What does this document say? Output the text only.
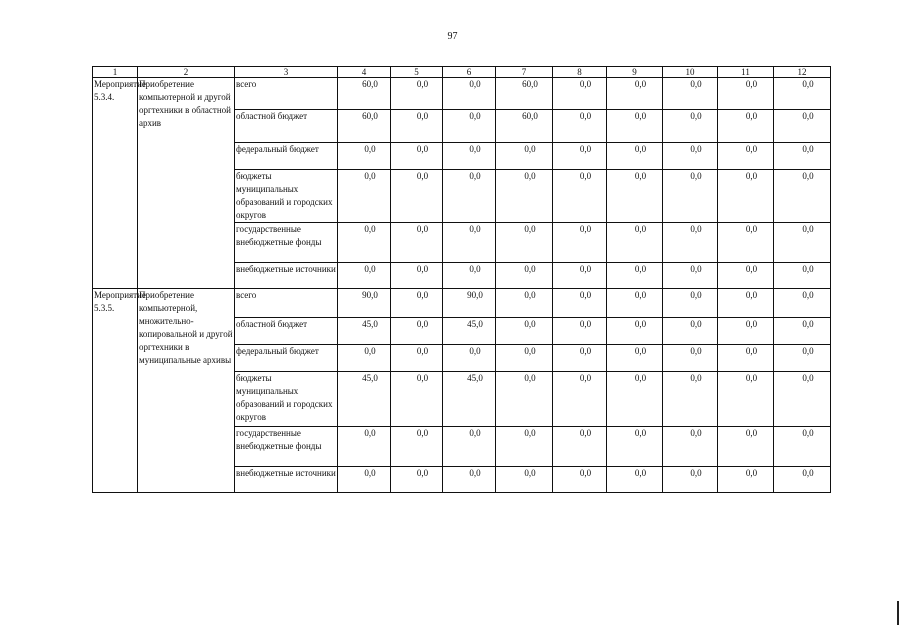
97
1	2	3	4	5	6	7	8	9	10	11	12
Мероприятие 5.3.4.	Приобретение компьютерной и другой оргтехники в областной архив	всего	60,0	0,0	0,0	60,0	0,0	0,0	0,0	0,0	0,0
		областной бюджет	60,0	0,0	0,0	60,0	0,0	0,0	0,0	0,0	0,0
		федеральный бюджет	0,0	0,0	0,0	0,0	0,0	0,0	0,0	0,0	0,0
		бюджеты муниципальных образований и городских округов	0,0	0,0	0,0	0,0	0,0	0,0	0,0	0,0	0,0
		государственные внебюджетные фонды	0,0	0,0	0,0	0,0	0,0	0,0	0,0	0,0	0,0
		внебюджетные источники	0,0	0,0	0,0	0,0	0,0	0,0	0,0	0,0	0,0
Мероприятие 5.3.5.	Приобретение компьютерной, множительно-копировальной и другой оргтехники в муниципальные архивы	всего	90,0	0,0	90,0	0,0	0,0	0,0	0,0	0,0	0,0
		областной бюджет	45,0	0,0	45,0	0,0	0,0	0,0	0,0	0,0	0,0
		федеральный бюджет	0,0	0,0	0,0	0,0	0,0	0,0	0,0	0,0	0,0
		бюджеты муниципальных образований и городских округов	45,0	0,0	45,0	0,0	0,0	0,0	0,0	0,0	0,0
		государственные внебюджетные фонды	0,0	0,0	0,0	0,0	0,0	0,0	0,0	0,0	0,0
		внебюджетные источники	0,0	0,0	0,0	0,0	0,0	0,0	0,0	0,0	0,0
